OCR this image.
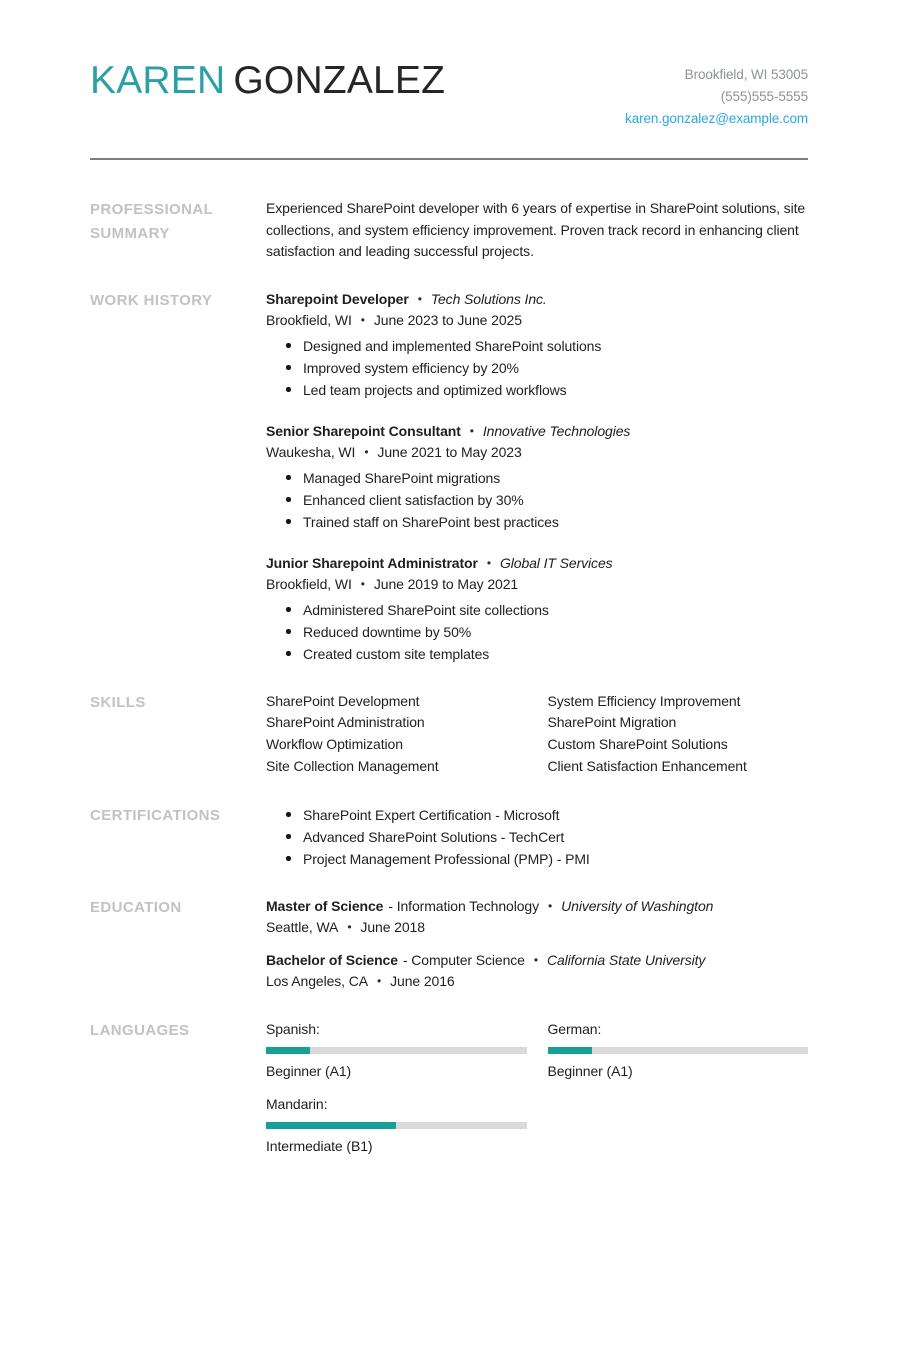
KAREN GONZALEZ	Brookfield, WI 53005
(555)555-5555
karen.gonzalez@example.com
PROFESSIONAL SUMMARY
Experienced SharePoint developer with 6 years of expertise in SharePoint solutions, site collections, and system efficiency improvement. Proven track record in enhancing client satisfaction and leading successful projects.
WORK HISTORY	Sharepoint Developer • Tech Solutions Inc.
Brookfield, WI • June 2023 to June 2025
Designed and implemented SharePoint solutions
Improved system efficiency by 20%
Led team projects and optimized workflows
Senior Sharepoint Consultant • Innovative Technologies
Waukesha, WI • June 2021 to May 2023
Managed SharePoint migrations
Enhanced client satisfaction by 30%
Trained staff on SharePoint best practices
Junior Sharepoint Administrator • Global IT Services
Brookfield, WI • June 2019 to May 2021
Administered SharePoint site collections
Reduced downtime by 50%
Created custom site templates
SKILLS	SharePoint Development
SharePoint Administration
Workflow Optimization
Site Collection Management
System Efficiency Improvement
SharePoint Migration
Custom SharePoint Solutions
Client Satisfaction Enhancement
CERTIFICATIONS	SharePoint Expert Certification - Microsoft
Advanced SharePoint Solutions - TechCert
Project Management Professional (PMP) - PMI
EDUCATION	Master of Science - Information Technology • University of Washington
Seattle, WA • June 2018
Bachelor of Science - Computer Science • California State University
Los Angeles, CA • June 2016
LANGUAGES	Spanish:
Beginner (A1)
German:
Beginner (A1)
Mandarin:
Intermediate (B1)
